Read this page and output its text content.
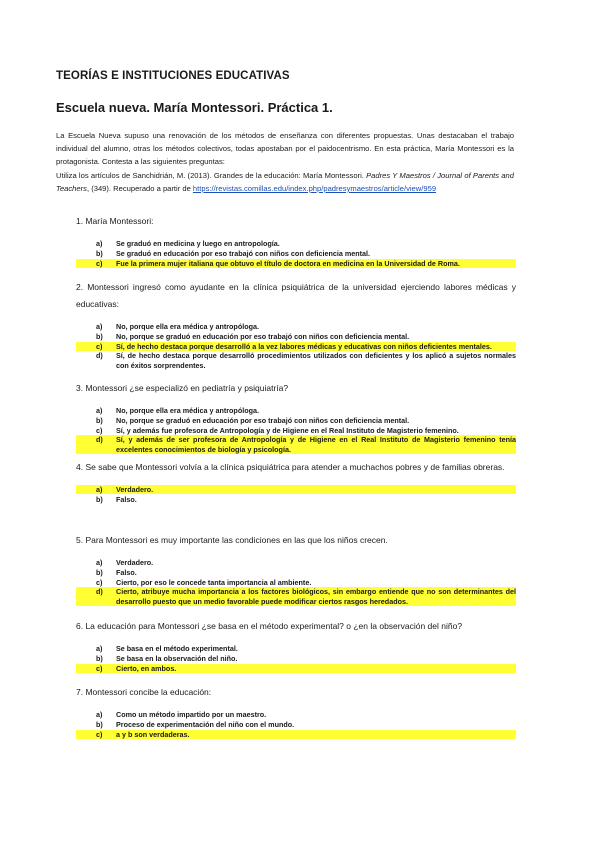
TEORÍAS E INSTITUCIONES EDUCATIVAS
Escuela nueva. María Montessori. Práctica 1.

La Escuela Nueva supuso una renovación de los métodos de enseñanza con diferentes propuestas. Unas destacaban el trabajo individual del alumno, otras los métodos colectivos, todas apostaban por el paidocentrismo. En esta práctica, María Montessori es la protagonista. Contesta a las siguientes preguntas:
Utiliza los artículos de Sanchidrián, M. (2013). Grandes de la educación: María Montessori. Padres Y Maestros / Journal of Parents and Teachers, (349). Recuperado a partir de https://revistas.comillas.edu/index.php/padresymaestros/article/view/959

1. María Montessori:

a)	Se graduó en medicina y luego en antropología.
b)	Se graduó en educación por eso trabajó con niños con deficiencia mental.
c)	Fue la primera mujer italiana que obtuvo el título de doctora en medicina en la Universidad de Roma.

2. Montessori ingresó como ayudante en la clínica psiquiátrica de la universidad ejerciendo labores médicas y educativas:

a)	No, porque ella era médica y antropóloga.
b)	No, porque se graduó en educación por eso trabajó con niños con deficiencia mental.
c)	Sí, de hecho destaca porque desarrolló a la vez labores médicas y educativas con niños deficientes mentales.
d)	Sí, de hecho destaca porque desarrolló procedimientos utilizados con deficientes y los aplicó a sujetos normales con éxitos sorprendentes.

3. Montessori ¿se especializó en pediatría y psiquiatría?

a)	No, porque ella era médica y antropóloga.
b)	No, porque se graduó en educación por eso trabajó con niños con deficiencia mental.
c)	Sí, y además fue profesora de Antropología y de Higiene en el Real Instituto de Magisterio femenino.
d)	Sí, y además de ser profesora de Antropología y de Higiene en el Real Instituto de Magisterio femenino tenía excelentes conocimientos de biología y psicología.

4. Se sabe que Montessori volvía a la clínica psiquiátrica para atender a muchachos pobres y de familias obreras.

a)	Verdadero.
b)	Falso.

5. Para Montessori es muy importante las condiciones en las que los niños crecen.

a)	Verdadero.
b)	Falso.
c)	Cierto, por eso le concede tanta importancia al ambiente.
d)	Cierto, atribuye mucha importancia a los factores biológicos, sin embargo entiende que no son determinantes del desarrollo puesto que un medio favorable puede modificar ciertos rasgos heredados.

6. La educación para Montessori ¿se basa en el método experimental? o ¿en la observación del niño?

a)	Se basa en el método experimental.
b)	Se basa en la observación del niño.
c)	Cierto, en ambos.

7. Montessori concibe la educación:

a)	Como un método impartido por un maestro.
b)	Proceso de experimentación del niño con el mundo.
c)	a y b son verdaderas.
